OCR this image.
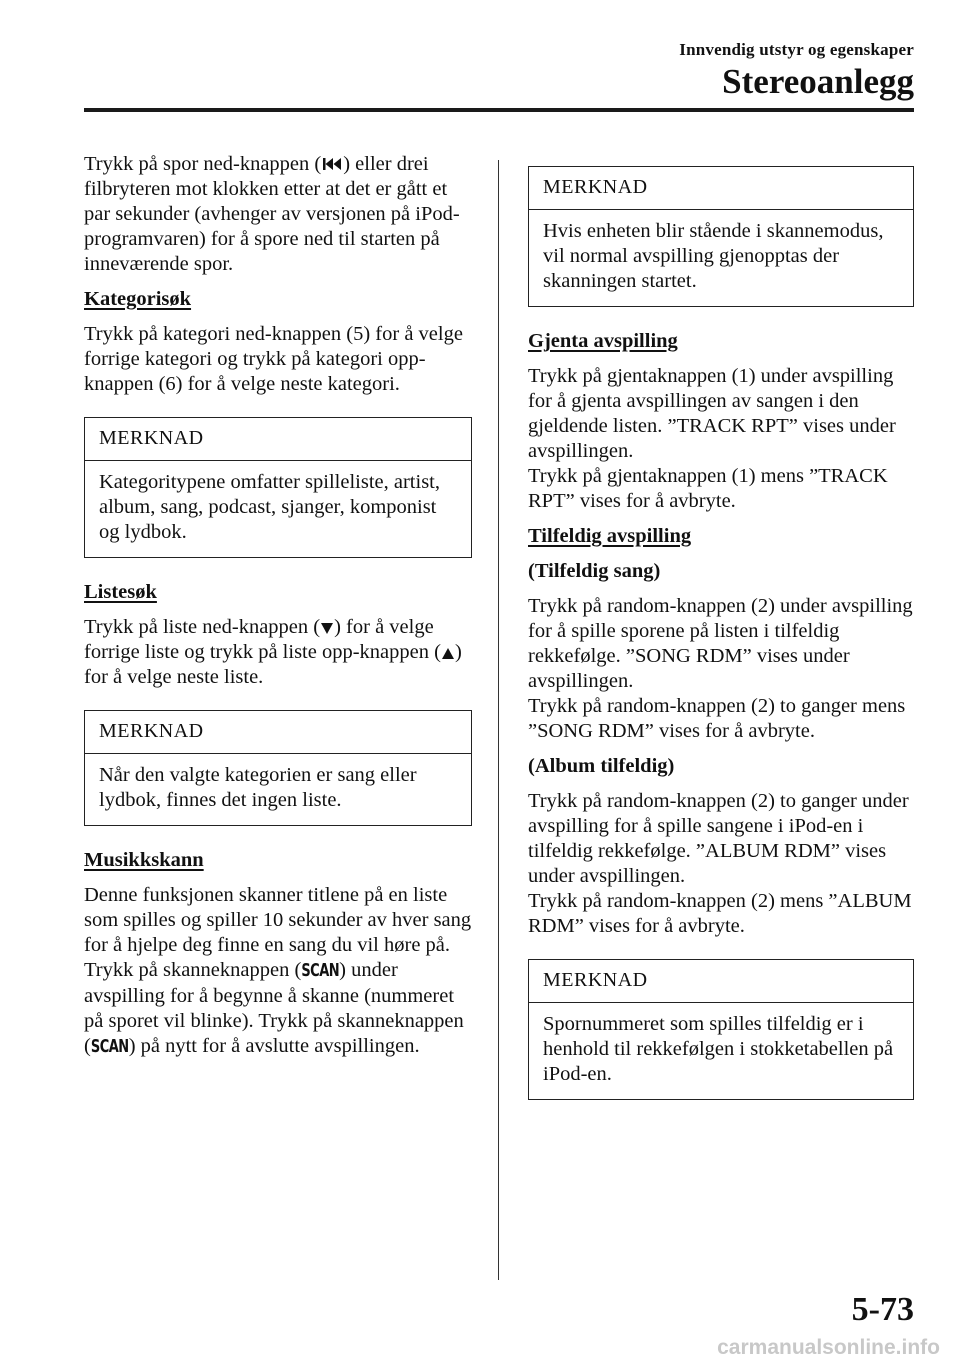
Innvendig utstyr og egenskaper
Stereoanlegg

Trykk på spor ned-knappen ( ) eller drei filbryteren mot klokken etter at det er gått et par sekunder (avhenger av versjonen på iPod-programvaren) for å spore ned til starten på inneværende spor.

Kategorisøk

Trykk på kategori ned-knappen (5) for å velge forrige kategori og trykk på kategori opp-knappen (6) for å velge neste kategori.

MERKNAD
Kategoritypene omfatter spilleliste, artist, album, sang, podcast, sjanger, komponist og lydbok.
Listesøk

Trykk på liste ned-knappen ( ) for å velge forrige liste og trykk på liste opp-knappen ( ) for å velge neste liste.

MERKNAD
Når den valgte kategorien er sang eller lydbok, finnes det ingen liste.
Musikkskann

Denne funksjonen skanner titlene på en liste som spilles og spiller 10 sekunder av hver sang for å hjelpe deg finne en sang du vil høre på.

Trykk på skanneknappen (SCAN) under avspilling for å begynne å skanne (nummeret på sporet vil blinke). Trykk på skanneknappen (SCAN) på nytt for å avslutte avspillingen.

MERKNAD
Hvis enheten blir stående i skannemodus, vil normal avspilling gjenopptas der skanningen startet.
Gjenta avspilling

Trykk på gjentaknappen (1) under avspilling for å gjenta avspillingen av sangen i den gjeldende listen. ”TRACK RPT” vises under avspillingen.

Trykk på gjentaknappen (1) mens ”TRACK RPT” vises for å avbryte.

Tilfeldig avspilling
(Tilfeldig sang)

Trykk på random-knappen (2) under avspilling for å spille sporene på listen i tilfeldig rekkefølge. ”SONG RDM” vises under avspillingen.

Trykk på random-knappen (2) to ganger mens ”SONG RDM” vises for å avbryte.

(Album tilfeldig)

Trykk på random-knappen (2) to ganger under avspilling for å spille sangene i iPod-en i tilfeldig rekkefølge. ”ALBUM RDM” vises under avspillingen.

Trykk på random-knappen (2) mens ”ALBUM RDM” vises for å avbryte.

MERKNAD
Spornummeret som spilles tilfeldig er i henhold til rekkefølgen i stokketabellen på iPod-en.
5-73
carmanualsonline.info
